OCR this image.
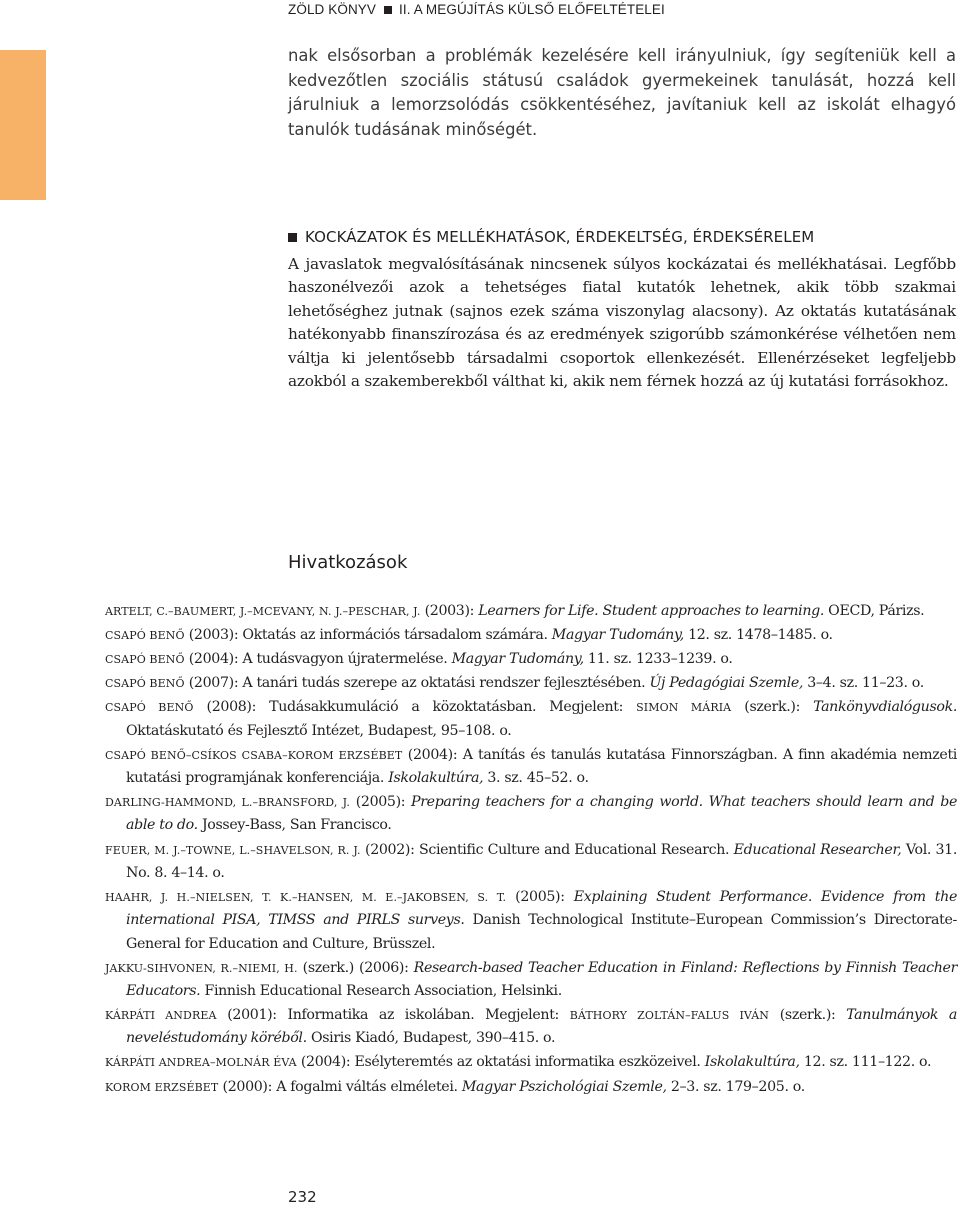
ZÖLD KÖNYV II. A MEGÚJÍTÁS KÜLSŐ ELŐFELTÉTELEI

nak elsősorban a problémák kezelésére kell irányulniuk, így segíteniük kell a kedvezőtlen szociális státusú családok gyermekeinek tanulását, hozzá kell járulniuk a lemorzsolódás csökkentéséhez, javítaniuk kell az iskolát elhagyó tanulók tudásának minőségét.

KOCKÁZATOK ÉS MELLÉKHATÁSOK, ÉRDEKELTSÉG, ÉRDEKSÉRELEM

A javaslatok megvalósításának nincsenek súlyos kockázatai és mellékhatásai. Legfőbb haszonélvezői azok a tehetséges fiatal kutatók lehetnek, akik több szakmai lehetőséghez jutnak (sajnos ezek száma viszonylag alacsony). Az oktatás kutatásának hatékonyabb finanszírozása és az eredmények szigorúbb számonkérése vélhetően nem váltja ki jelentősebb társadalmi csoportok ellenkezését. Ellenérzéseket legfeljebb azokból a szakemberekből válthat ki, akik nem férnek hozzá az új kutatási forrásokhoz.

Hivatkozások
ARTELT, C.–BAUMERT, J.–MCEVANY, N. J.–PESCHAR, J. (2003): Learners for Life. Student approaches to learning. OECD, Párizs.
CSAPÓ BENŐ (2003): Oktatás az információs társadalom számára. Magyar Tudomány, 12. sz. 1478–1485. o.
CSAPÓ BENŐ (2004): A tudásvagyon újratermelése. Magyar Tudomány, 11. sz. 1233–1239. o.
CSAPÓ BENŐ (2007): A tanári tudás szerepe az oktatási rendszer fejlesztésében. Új Pedagógiai Szemle, 3–4. sz. 11–23. o.
CSAPÓ BENŐ (2008): Tudásakkumuláció a közoktatásban. Megjelent: SIMON MÁRIA (szerk.): Tankönyvdialógusok. Oktatáskutató és Fejlesztő Intézet, Budapest, 95–108. o.
CSAPÓ BENŐ–CSÍKOS CSABA–KOROM ERZSÉBET (2004): A tanítás és tanulás kutatása Finnországban. A finn akadémia nemzeti kutatási programjának konferenciája. Iskolakultúra, 3. sz. 45–52. o.
DARLING-HAMMOND, L.–BRANSFORD, J. (2005): Preparing teachers for a changing world. What teachers should learn and be able to do. Jossey-Bass, San Francisco.
FEUER, M. J.–TOWNE, L.–SHAVELSON, R. J. (2002): Scientific Culture and Educational Research. Educational Researcher, Vol. 31. No. 8. 4–14. o.
HAAHR, J. H.–NIELSEN, T. K.–HANSEN, M. E.–JAKOBSEN, S. T. (2005): Explaining Student Performance. Evidence from the international PISA, TIMSS and PIRLS surveys. Danish Technological Institute–European Commission’s Directorate-General for Education and Culture, Brüsszel.
JAKKU-SIHVONEN, R.–NIEMI, H. (szerk.) (2006): Research-based Teacher Education in Finland: Reflections by Finnish Teacher Educators. Finnish Educational Research Association, Helsinki.
KÁRPÁTI ANDREA (2001): Informatika az iskolában. Megjelent: BÁTHORY ZOLTÁN–FALUS IVÁN (szerk.): Tanulmányok a neveléstudomány köréből. Osiris Kiadó, Budapest, 390–415. o.
KÁRPÁTI ANDREA–MOLNÁR ÉVA (2004): Esélyteremtés az oktatási informatika eszközeivel. Iskolakultúra, 12. sz. 111–122. o.
KOROM ERZSÉBET (2000): A fogalmi váltás elméletei. Magyar Pszichológiai Szemle, 2–3. sz. 179–205. o.
232
